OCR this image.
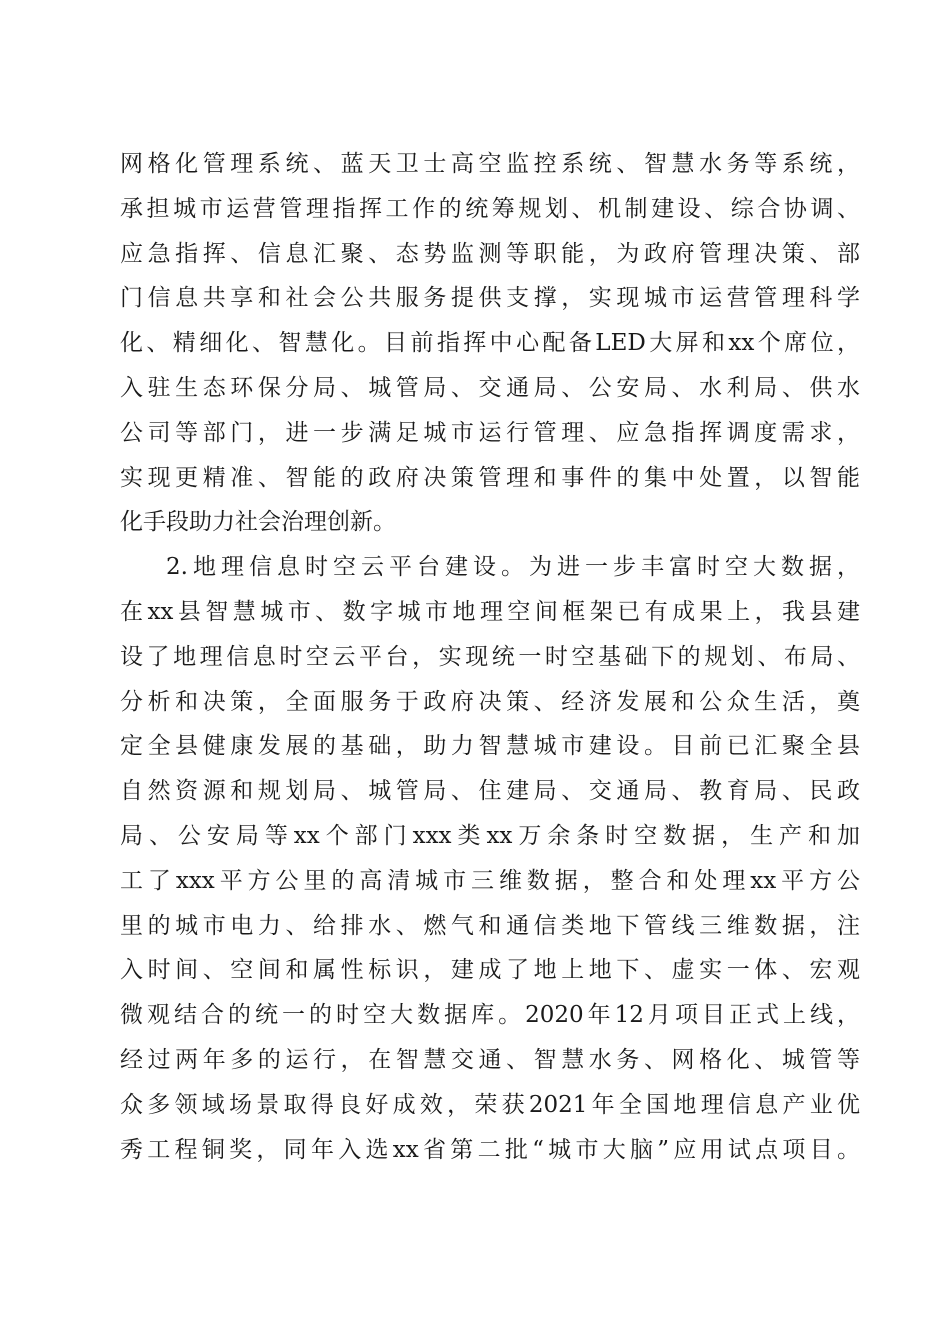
网格化管理系统、蓝天卫士高空监控系统、智慧水务等系统，
承担城市运营管理指挥工作的统筹规划、机制建设、综合协调、
应急指挥、信息汇聚、态势监测等职能，为政府管理决策、部
门信息共享和社会公共服务提供支撑，实现城市运营管理科学
化、精细化、智慧化。目前指挥中心配备LED大屏和xx个席位，
入驻生态环保分局、城管局、交通局、公安局、水利局、供水
公司等部门，进一步满足城市运行管理、应急指挥调度需求，
实现更精准、智能的政府决策管理和事件的集中处置，以智能
化手段助力社会治理创新。
2.地理信息时空云平台建设。为进一步丰富时空大数据，
在xx县智慧城市、数字城市地理空间框架已有成果上，我县建
设了地理信息时空云平台，实现统一时空基础下的规划、布局、
分析和决策，全面服务于政府决策、经济发展和公众生活，奠
定全县健康发展的基础，助力智慧城市建设。目前已汇聚全县
自然资源和规划局、城管局、住建局、交通局、教育局、民政
局、公安局等xx个部门xxx类xx万余条时空数据，生产和加
工了xxx平方公里的高清城市三维数据，整合和处理xx平方公
里的城市电力、给排水、燃气和通信类地下管线三维数据，注
入时间、空间和属性标识，建成了地上地下、虚实一体、宏观
微观结合的统一的时空大数据库。2020年12月项目正式上线，
经过两年多的运行，在智慧交通、智慧水务、网格化、城管等
众多领域场景取得良好成效，荣获2021年全国地理信息产业优
秀工程铜奖，同年入选xx省第二批“城市大脑”应用试点项目。
